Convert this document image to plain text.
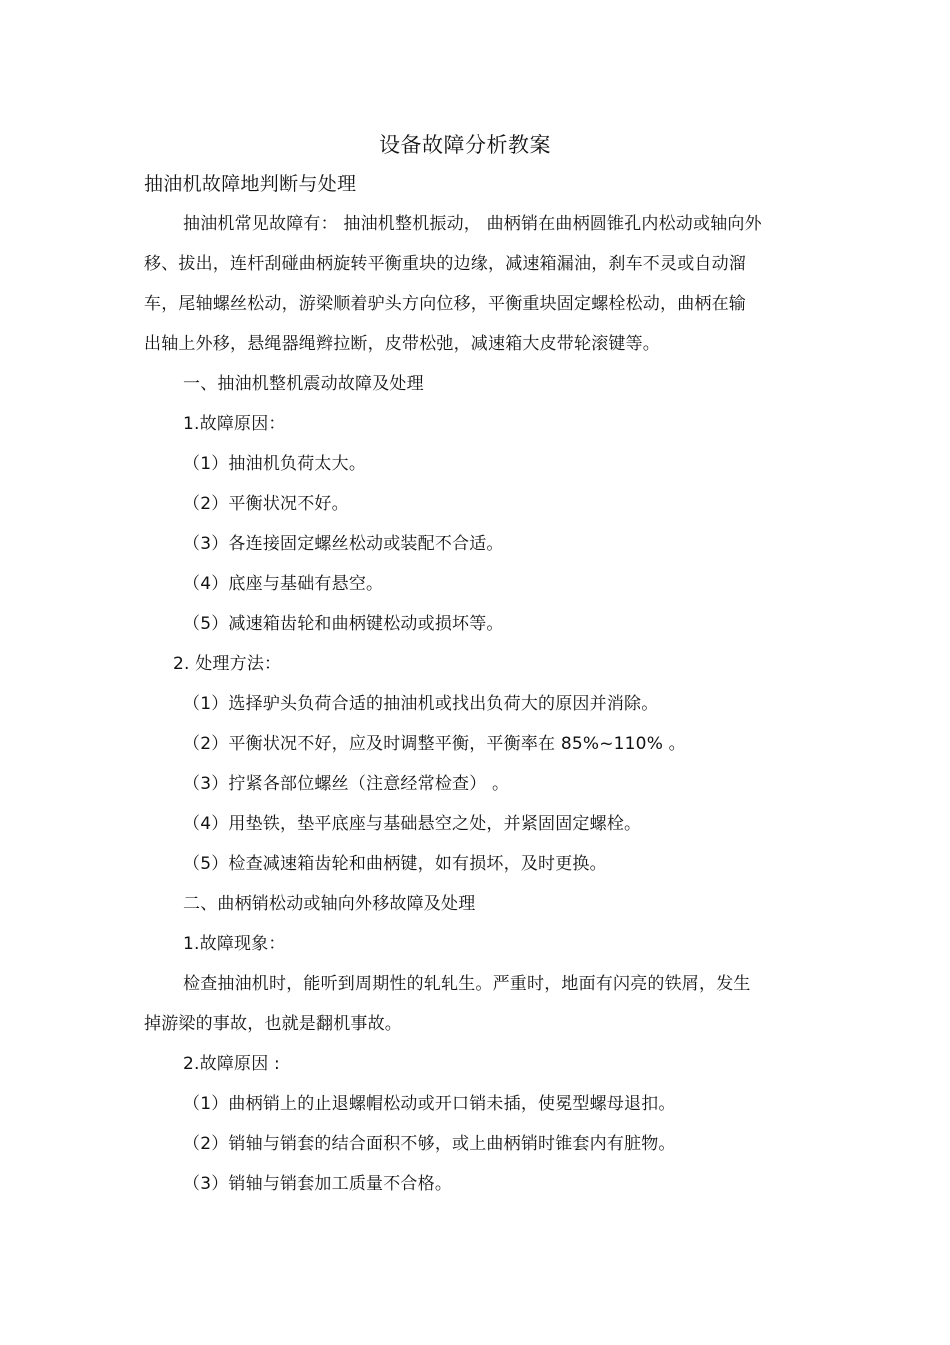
设备故障分析教案
抽油机故障地判断与处理
抽油机常见故障有： 抽油机整机振动， 曲柄销在曲柄圆锥孔内松动或轴向外
移、拔出，连杆刮碰曲柄旋转平衡重块的边缘，减速箱漏油，刹车不灵或自动溜
车，尾轴螺丝松动，游梁顺着驴头方向位移，平衡重块固定螺栓松动，曲柄在输
出轴上外移，悬绳器绳辫拉断，皮带松弛，减速箱大皮带轮滚键等。
一、抽油机整机震动故障及处理
1.故障原因：
（1）抽油机负荷太大。
（2）平衡状况不好。
（3）各连接固定螺丝松动或装配不合适。
（4）底座与基础有悬空。
（5）减速箱齿轮和曲柄键松动或损坏等。
2. 处理方法：
（1）选择驴头负荷合适的抽油机或找出负荷大的原因并消除。
（2）平衡状况不好，应及时调整平衡，平衡率在 85%~110% 。
（3）拧紧各部位螺丝（注意经常检查） 。
（4）用垫铁，垫平底座与基础悬空之处，并紧固固定螺栓。
（5）检查减速箱齿轮和曲柄键，如有损坏，及时更换。
二、曲柄销松动或轴向外移故障及处理
1.故障现象：
检查抽油机时，能听到周期性的轧轧生。严重时，地面有闪亮的铁屑，发生
掉游梁的事故，也就是翻机事故。
2.故障原因 :
（1）曲柄销上的止退螺帽松动或开口销未插，使冕型螺母退扣。
（2）销轴与销套的结合面积不够，或上曲柄销时锥套内有脏物。
（3）销轴与销套加工质量不合格。
